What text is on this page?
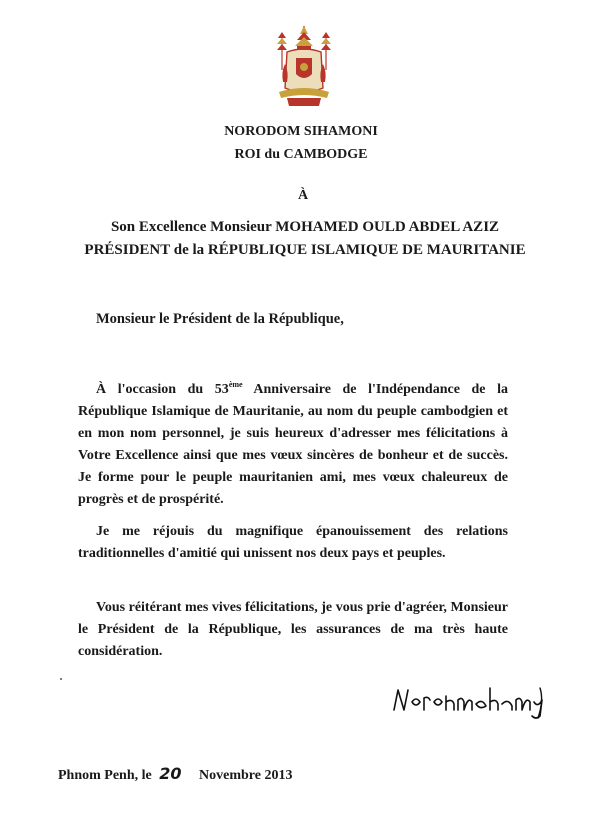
NORODOM SIHAMONI
ROI du CAMBODGE
À
Son Excellence Monsieur MOHAMED OULD ABDEL AZIZ
PRÉSIDENT de la RÉPUBLIQUE ISLAMIQUE DE MAURITANIE
Monsieur le Président de la République,
À l'occasion du 53ème Anniversaire de l'Indépendance de la République Islamique de Mauritanie, au nom du peuple cambodgien et en mon nom personnel, je suis heureux d'adresser mes félicitations à Votre Excellence ainsi que mes vœux sincères de bonheur et de succès. Je forme pour le peuple mauritanien ami, mes vœux chaleureux de progrès et de prospérité.
Je me réjouis du magnifique épanouissement des relations traditionnelles d'amitié qui unissent nos deux pays et peuples.
Vous réitérant mes vives félicitations, je vous prie d'agréer, Monsieur le Président de la République, les assurances de ma très haute considération.
Phnom Penh, le 20 Novembre 2013
